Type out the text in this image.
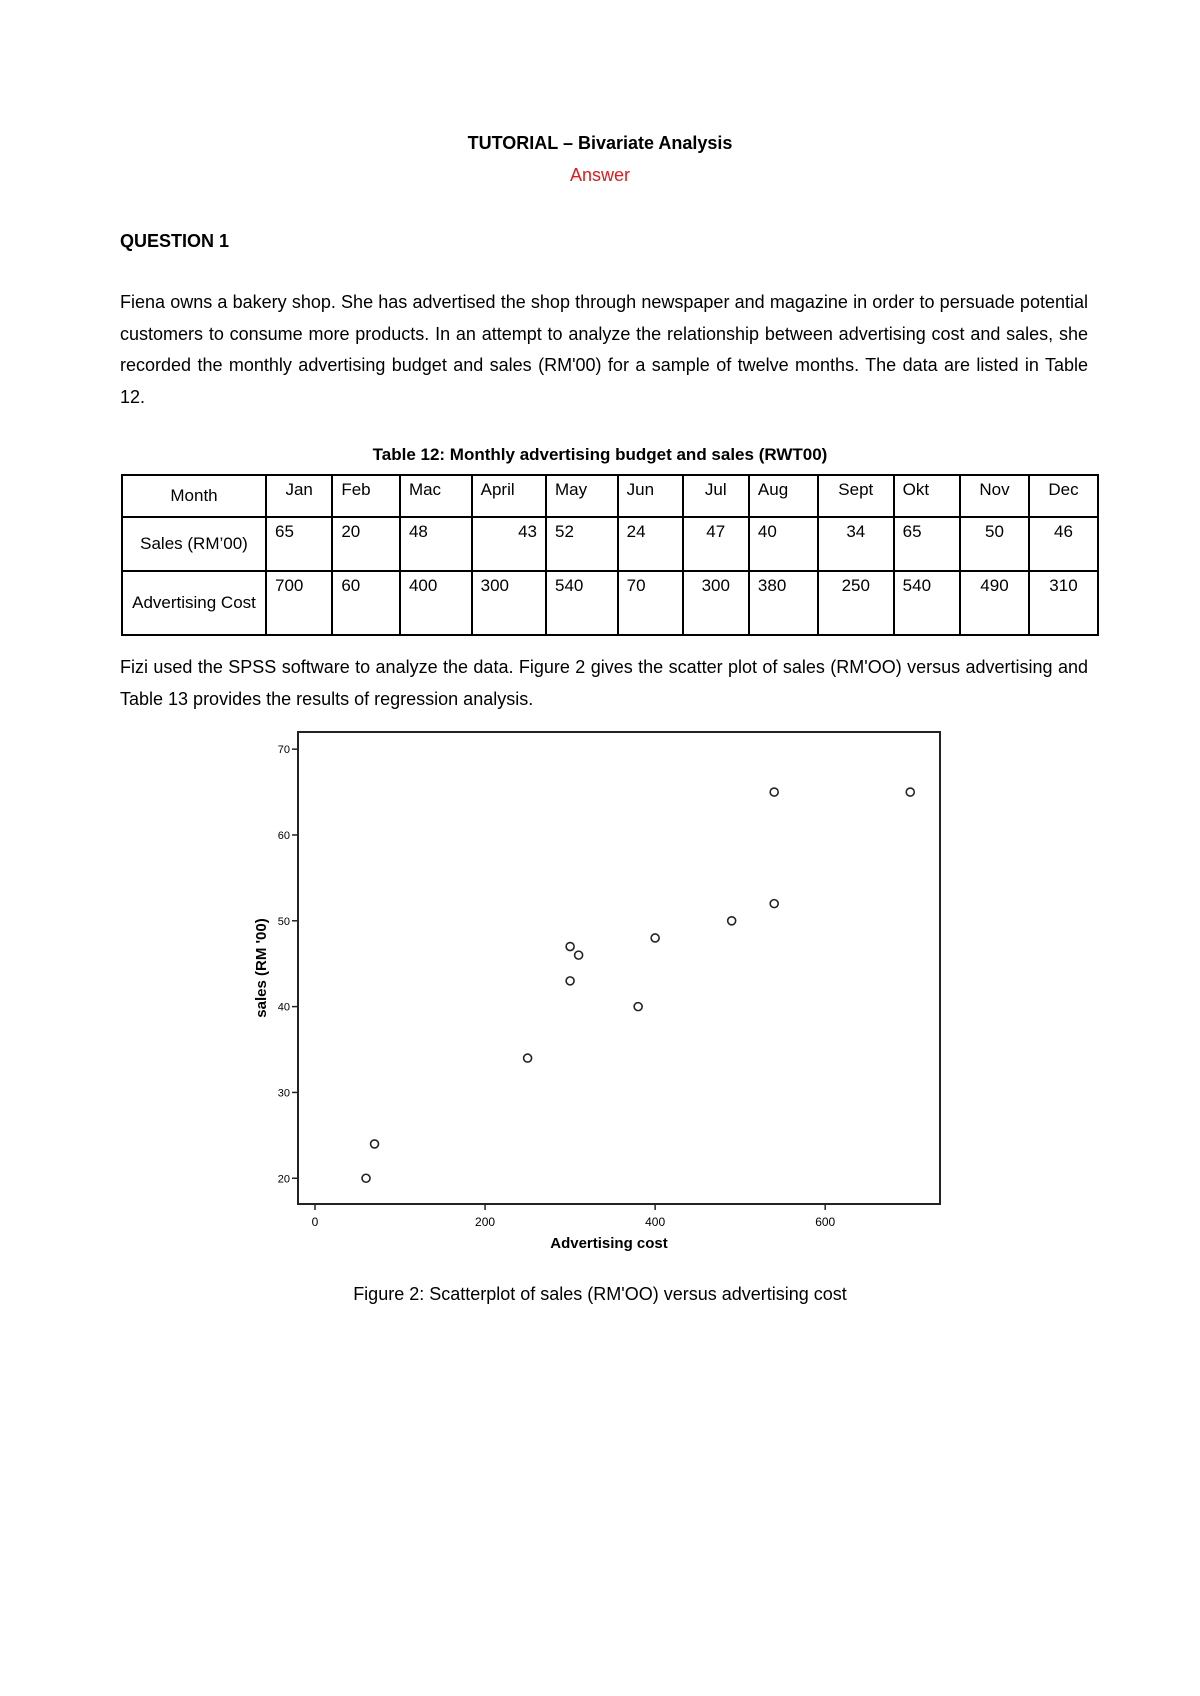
TUTORIAL – Bivariate Analysis
Answer
QUESTION 1
Fiena owns a bakery shop. She has advertised the shop through newspaper and magazine in order to persuade potential customers to consume more products. In an attempt to analyze the relationship between advertising cost and sales, she recorded the monthly advertising budget and sales (RM'00) for a sample of twelve months. The data are listed in Table 12.
Table 12: Monthly advertising budget and sales (RWT00)
Month	Jan	Feb	Mac	April	May	Jun	Jul	Aug	Sept	Okt	Nov	Dec
Sales (RM’00)	65	20	48	43	52	24	47	40	34	65	50	46
Advertising Cost	700	60	400	300	540	70	300	380	250	540	490	310
Fizi used the SPSS software to analyze the data. Figure 2 gives the scatter plot of sales (RM'OO) versus advertising and Table 13 provides the results of regression analysis.
0	200	400	600
20
30
40
50
60
70
Advertising cost
sales (RM '00)
Figure 2: Scatterplot of sales (RM'OO) versus advertising cost
